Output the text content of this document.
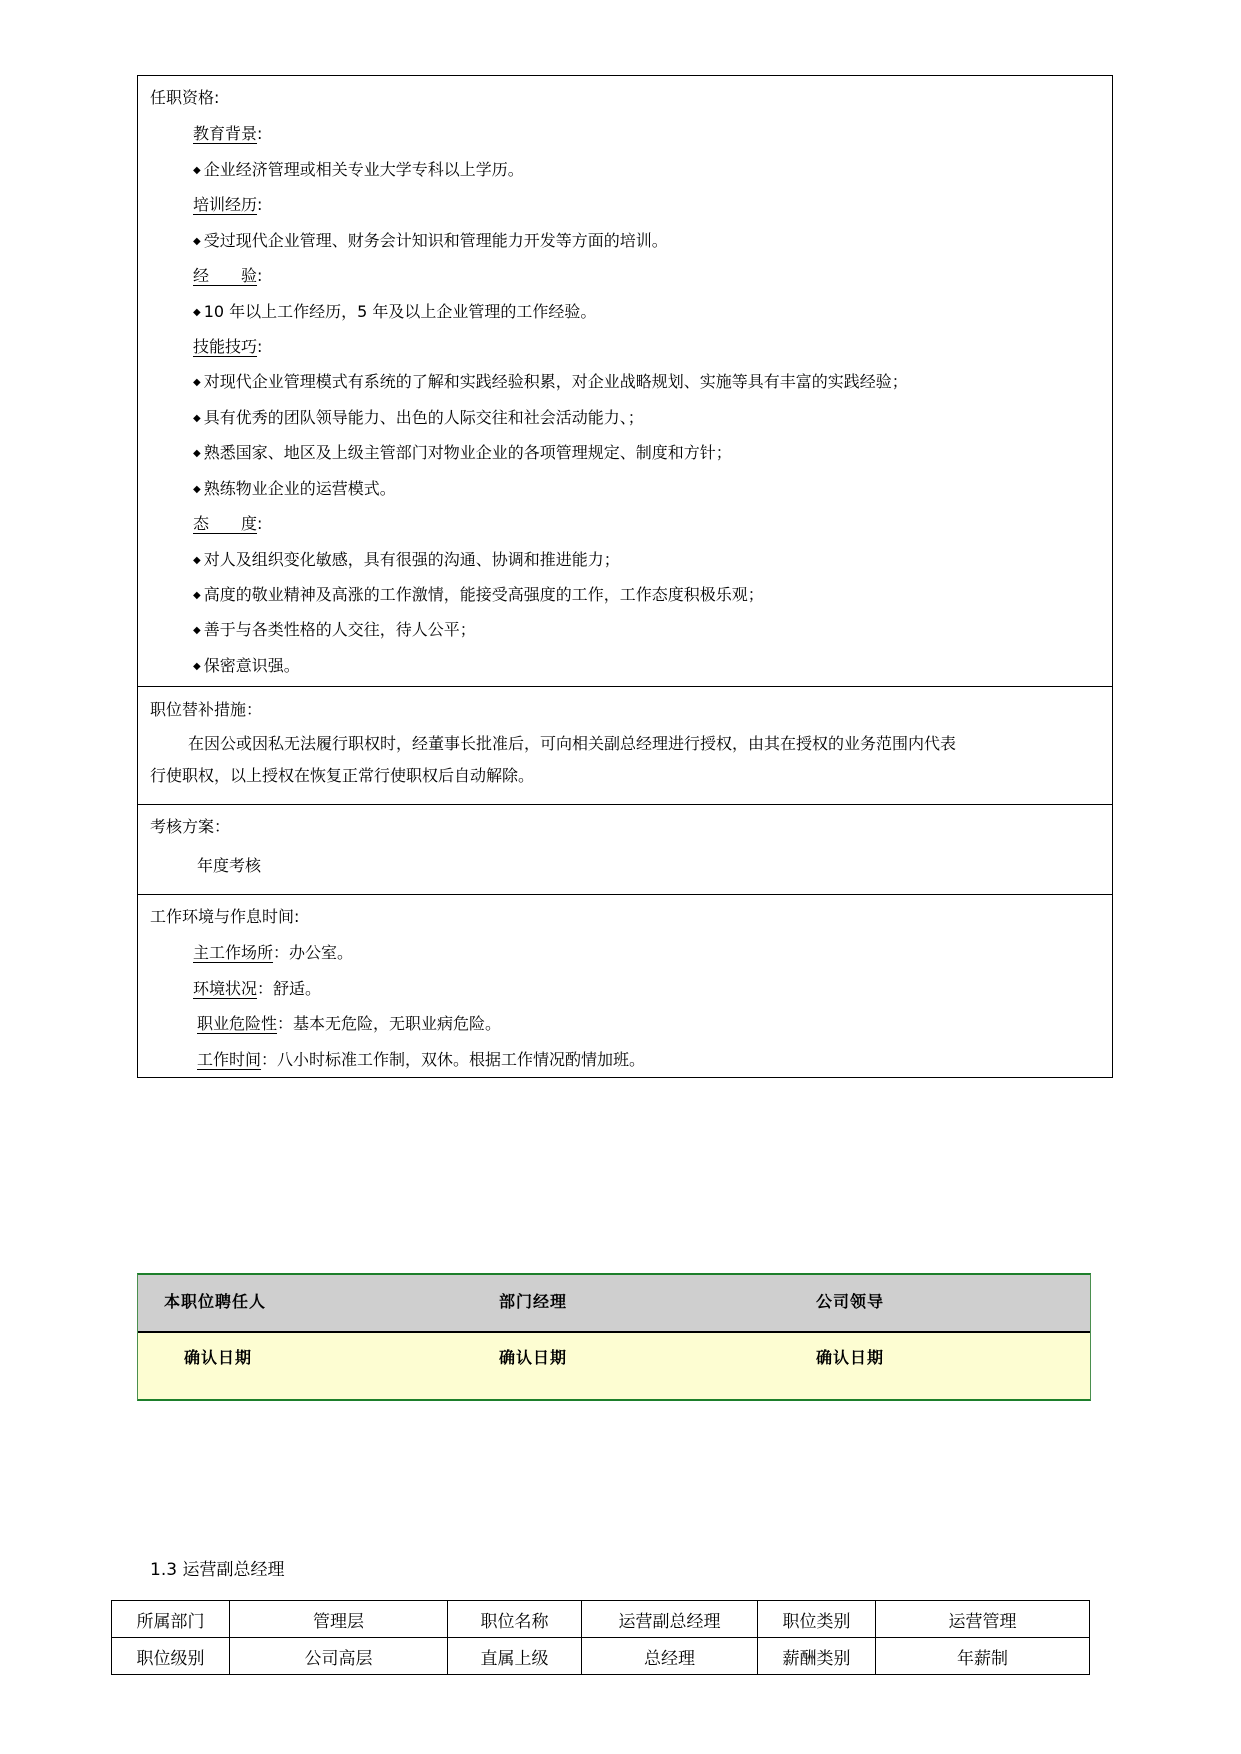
任职资格:
教育背景:
◆ 企业经济管理或相关专业大学专科以上学历。
培训经历:
◆ 受过现代企业管理、财务会计知识和管理能力开发等方面的培训。
经　　验:
◆ 10 年以上工作经历，5 年及以上企业管理的工作经验。
技能技巧:
◆ 对现代企业管理模式有系统的了解和实践经验积累，对企业战略规划、实施等具有丰富的实践经验；
◆ 具有优秀的团队领导能力、出色的人际交往和社会活动能力、；
◆ 熟悉国家、地区及上级主管部门对物业企业的各项管理规定、制度和方针；
◆ 熟练物业企业的运营模式。
态　　度:
◆ 对人及组织变化敏感，具有很强的沟通、协调和推进能力；
◆ 高度的敬业精神及高涨的工作激情，能接受高强度的工作，工作态度积极乐观；
◆ 善于与各类性格的人交往，待人公平；
◆ 保密意识强。
职位替补措施：
在因公或因私无法履行职权时，经董事长批准后，可向相关副总经理进行授权，由其在授权的业务范围内代表
行使职权，以上授权在恢复正常行使职权后自动解除。
考核方案：
年度考核
工作环境与作息时间:
主工作场所：办公室。
环境状况：舒适。
职业危险性：基本无危险，无职业病危险。
工作时间：八小时标准工作制，双休。根据工作情况酌情加班。
本职位聘任人	部门经理	公司领导
确认日期	确认日期	确认日期
1.3 运营副总经理
所属部门	管理层	职位名称	运营副总经理	职位类别	运营管理
职位级别	公司高层	直属上级	总经理	薪酬类别	年薪制
